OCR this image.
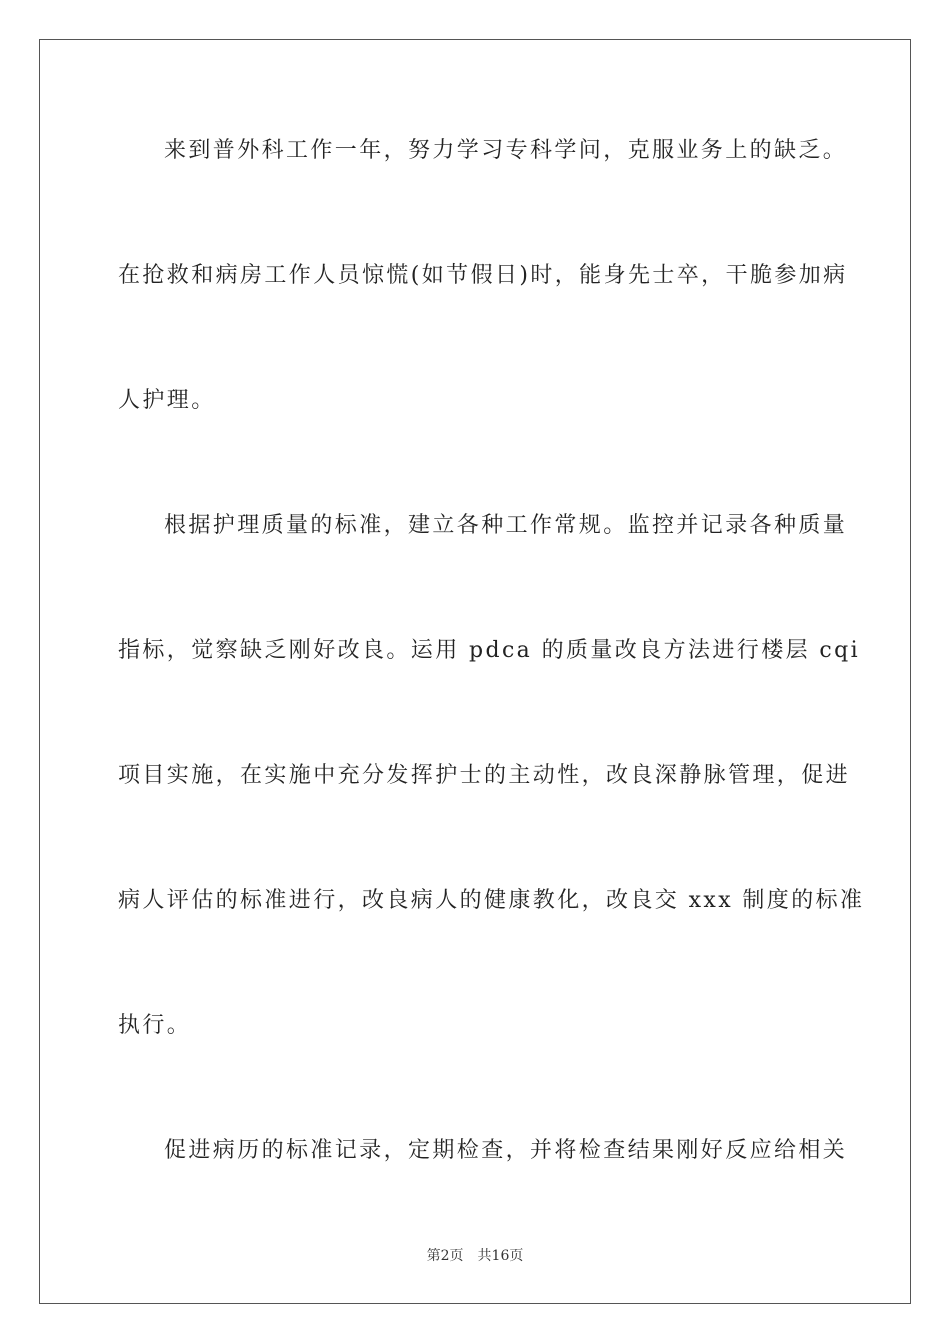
来到普外科工作一年，努力学习专科学问，克服业务上的缺乏。
在抢救和病房工作人员惊慌(如节假日)时，能身先士卒，干脆参加病
人护理。
根据护理质量的标准，建立各种工作常规。监控并记录各种质量
指标，觉察缺乏刚好改良。运用 pdca 的质量改良方法进行楼层 cqi
项目实施，在实施中充分发挥护士的主动性，改良深静脉管理，促进
病人评估的标准进行，改良病人的健康教化，改良交 xxx 制度的标准
执行。
促进病历的标准记录，定期检查，并将检查结果刚好反应给相关
第2页 共16页
